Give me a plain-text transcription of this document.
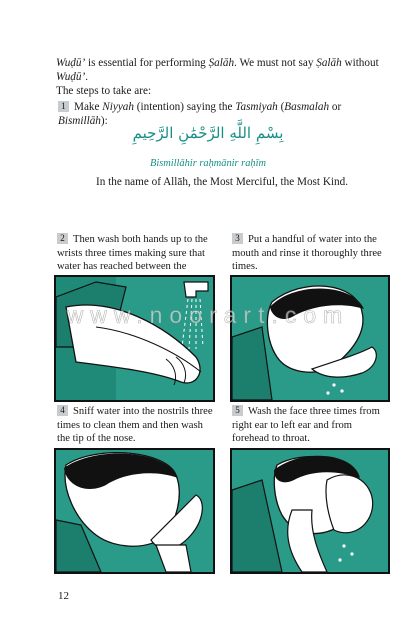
Wuḍū’ is essential for performing Ṣalāh. We must not say Ṣalāh without Wuḍū’.
The steps to take are:
1 Make Niyyah (intention) saying the Tasmiyah (Basmalah or Bismillāh):
بِسْمِ اللَّهِ الرَّحْمَٰنِ الرَّحِيمِ
Bismillāhir raḥmānir raḥīm
In the name of Allāh, the Most Merciful, the Most Kind.
2 Then wash both hands up to the wrists three times making sure that water has reached between the
3 Put a handful of water into the mouth and rinse it thoroughly three times.
4 Sniff water into the nostrils three times to clean them and then wash the tip of the nose.
5 Wash the face three times from right ear to left ear and from forehead to throat.
www.noorart.com
12
